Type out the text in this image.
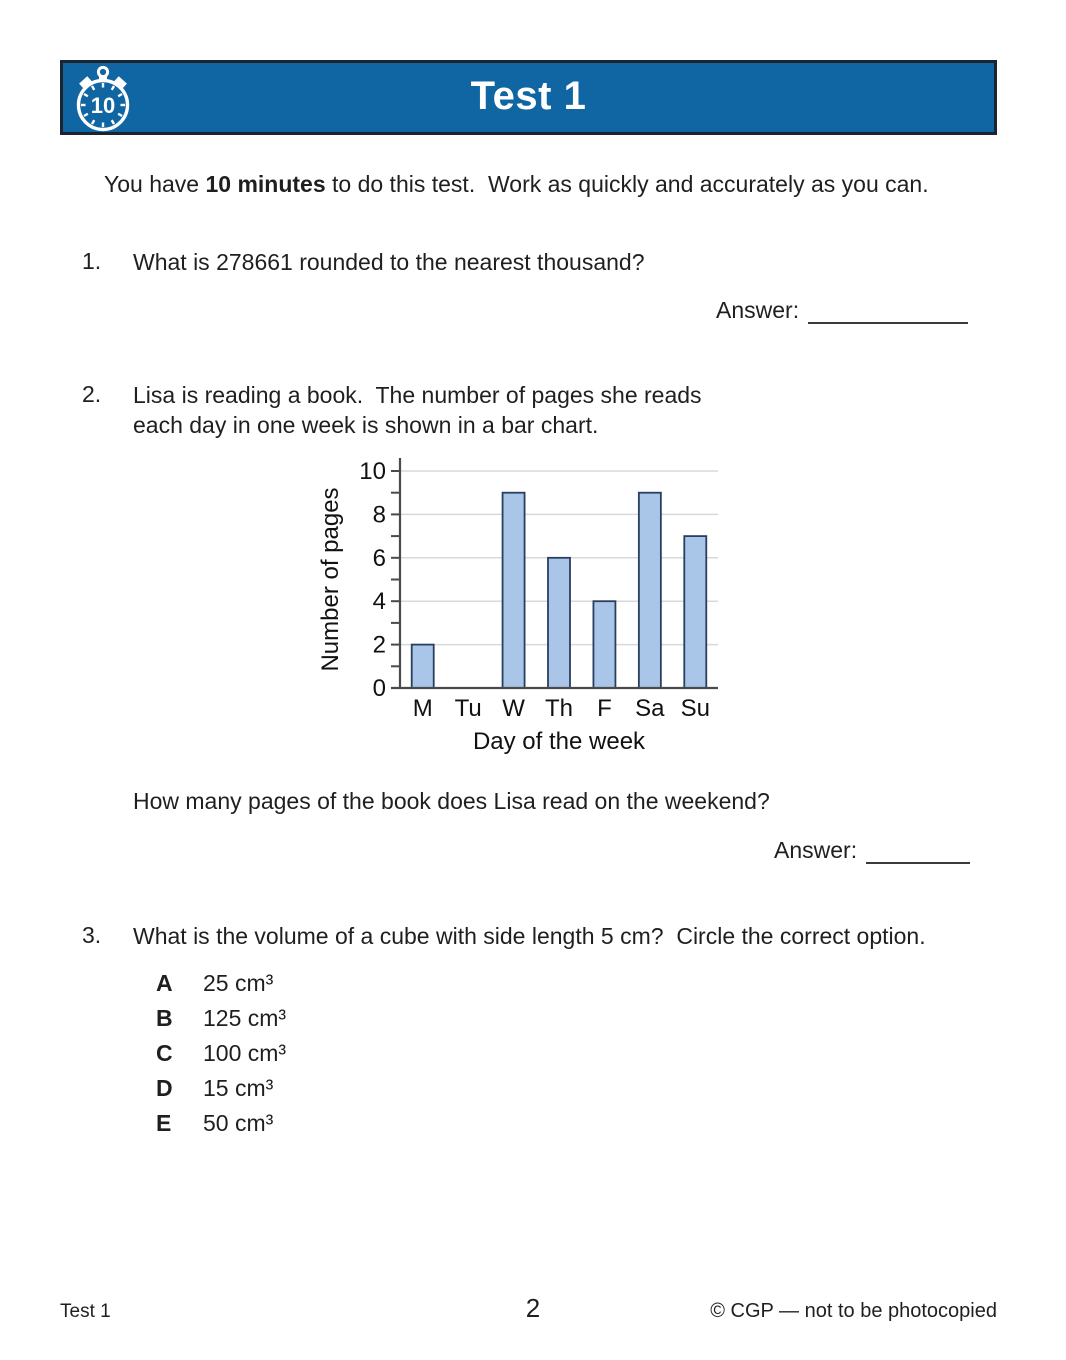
10	Test 1

You have 10 minutes to do this test.  Work as quickly and accurately as you can.

1. What is 278661 rounded to the nearest thousand?
Answer:
2. Lisa is reading a book.  The number of pages she reads
each day in one week is shown in a bar chart.
M Tu W Th F Sa Su
0
2
4
6
8
10
Day of the week
Number of pages
How many pages of the book does Lisa read on the weekend?
Answer:
3. What is the volume of a cube with side length 5 cm?  Circle the correct option.
A	25 cm³
B	125 cm³
C	100 cm³
D	15 cm³
E	50 cm³
Test 1	2	© CGP — not to be photocopied
